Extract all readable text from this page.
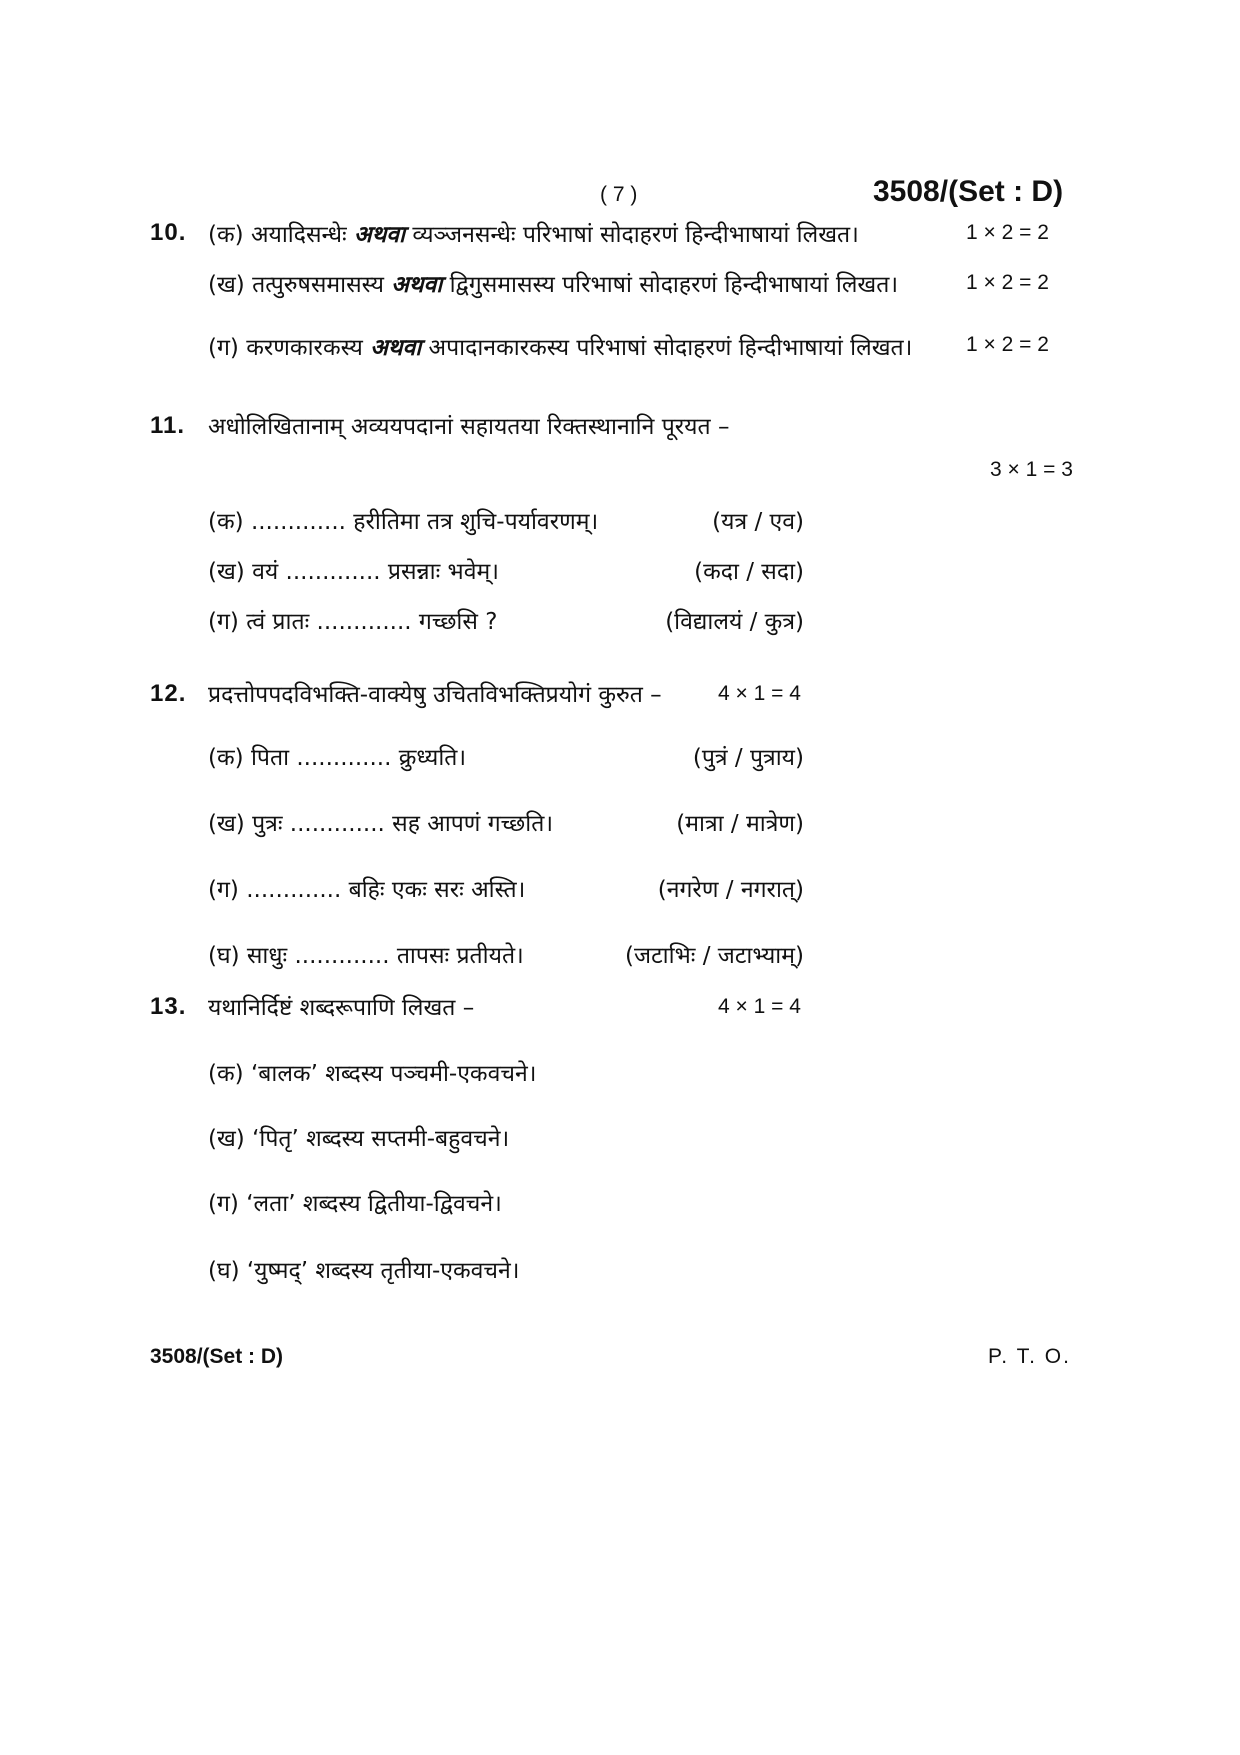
( 7 )	3508/(Set : D)
10. (क) अयादिसन्धेः अथवा व्यञ्जनसन्धेः परिभाषां सोदाहरणं हिन्दीभाषायां लिखत।	1 × 2 = 2
(ख) तत्पुरुषसमासस्य अथवा द्विगुसमासस्य परिभाषां सोदाहरणं हिन्दीभाषायां लिखत।	1 × 2 = 2
(ग) करणकारकस्य अथवा अपादानकारकस्य परिभाषां सोदाहरणं हिन्दीभाषायां लिखत।	1 × 2 = 2
11. अधोलिखितानाम् अव्ययपदानां सहायतया रिक्तस्थानानि पूरयत –
3 × 1 = 3
(क) ............. हरीतिमा तत्र शुचि-पर्यावरणम्।	(यत्र / एव)
(ख) वयं ............. प्रसन्नाः भवेम्।	(कदा / सदा)
(ग) त्वं प्रातः ............. गच्छसि ?	(विद्यालयं / कुत्र)
12. प्रदत्तोपपदविभक्ति-वाक्येषु उचितविभक्तिप्रयोगं कुरुत –	4 × 1 = 4
(क) पिता ............. क्रुध्यति।	(पुत्रं / पुत्राय)
(ख) पुत्रः ............. सह आपणं गच्छति।	(मात्रा / मात्रेण)
(ग) ............. बहिः एकः सरः अस्ति।	(नगरेण / नगरात्)
(घ) साधुः ............. तापसः प्रतीयते।	(जटाभिः / जटाभ्याम्)
13. यथानिर्दिष्टं शब्दरूपाणि लिखत –	4 × 1 = 4
(क) ‘बालक’ शब्दस्य पञ्चमी-एकवचने।
(ख) ‘पितृ’ शब्दस्य सप्तमी-बहुवचने।
(ग) ‘लता’ शब्दस्य द्वितीया-द्विवचने।
(घ) ‘युष्मद्’ शब्दस्य तृतीया-एकवचने।
3508/(Set : D)	P. T. O.
